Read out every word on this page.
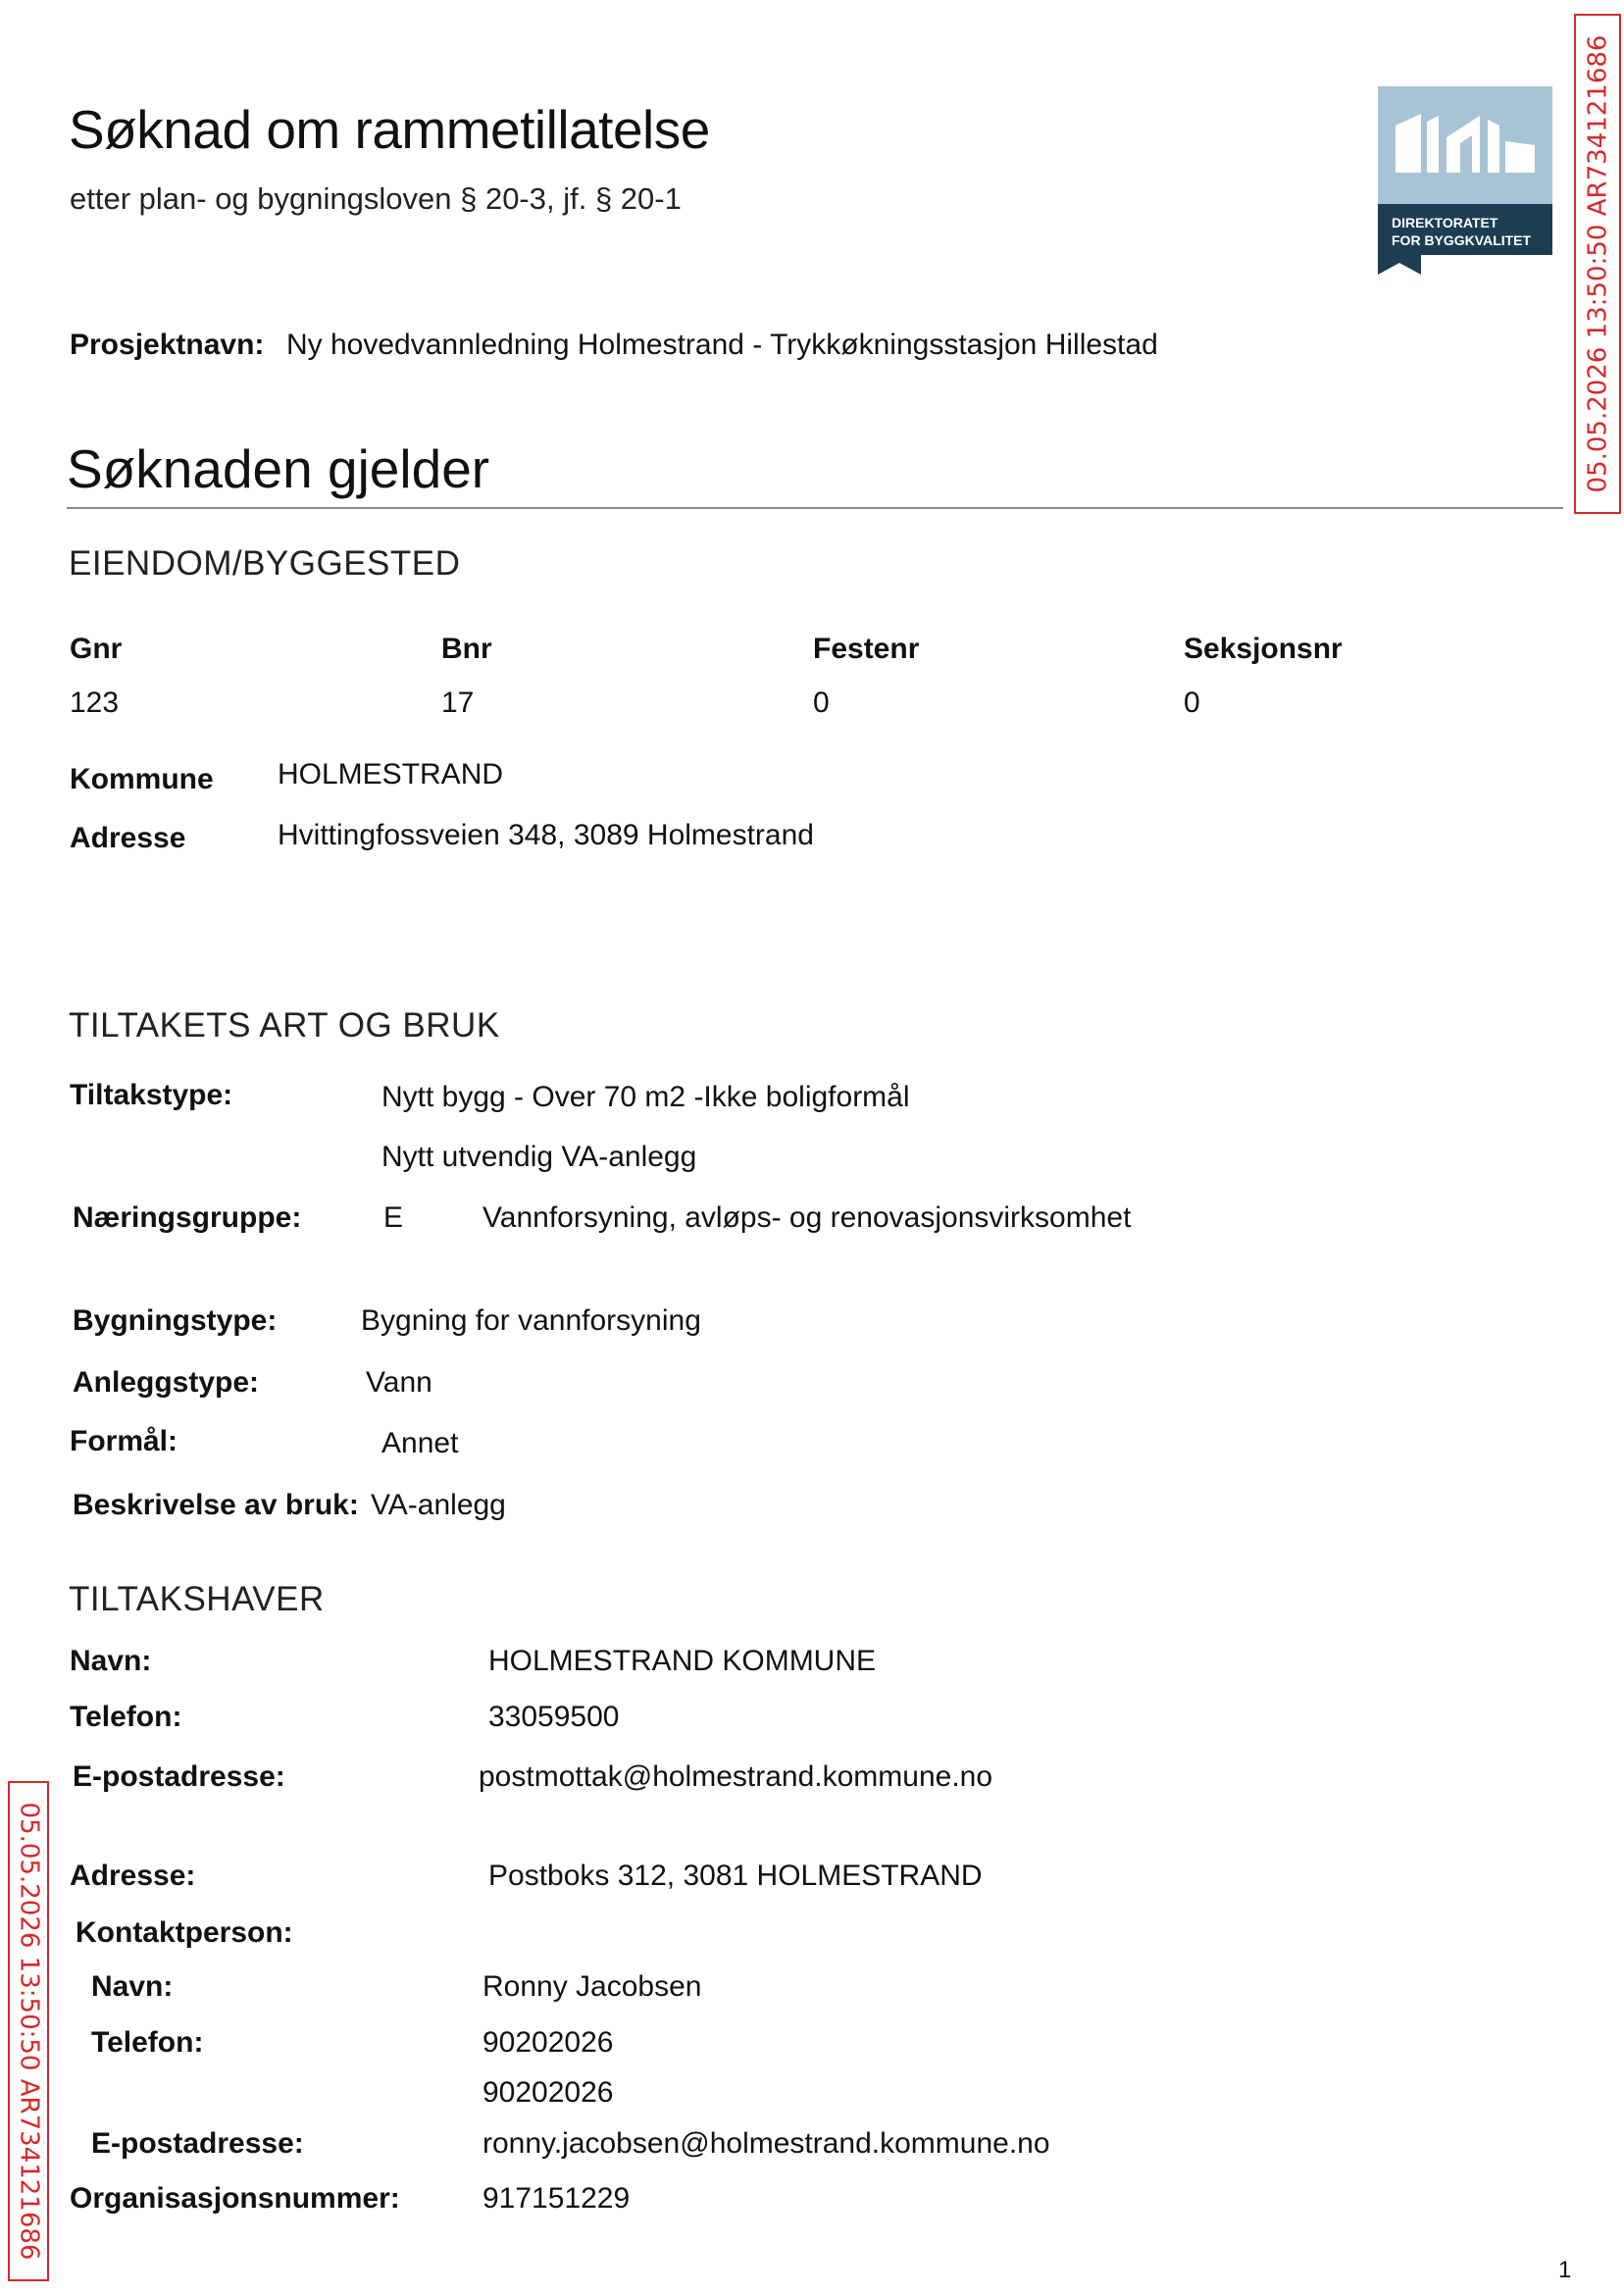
Søknad om rammetillatelse
etter plan- og bygningsloven § 20-3, jf. § 20-1
DIREKTORATET
FOR BYGGKVALITET 05.05.2026 13:50:50 AR734121686
05.05.2026 13:50:50 AR734121686
Prosjektnavn: Ny hovedvannledning Holmestrand - Trykkøkningsstasjon Hillestad
Søknaden gjelder
EIENDOM/BYGGESTED
Gnr	Bnr	Festenr	Seksjonsnr
123	17	0	0
Kommune HOLMESTRAND
Adresse	Hvittingfossveien 348, 3089 Holmestrand
TILTAKETS ART OG BRUK
Tiltakstype:	Nytt bygg - Over 70 m2 -Ikke boligformål
Nytt utvendig VA-anlegg
Næringsgruppe:	E	Vannforsyning, avløps- og renovasjonsvirksomhet
Bygningstype:	Bygning for vannforsyning
Anleggstype:	Vann
Formål:	Annet
Beskrivelse av bruk: VA-anlegg
TILTAKSHAVER
Navn:	HOLMESTRAND KOMMUNE
Telefon:	33059500
E-postadresse:	postmottak@holmestrand.kommune.no
Adresse:	Postboks 312, 3081 HOLMESTRAND
Kontaktperson:
Navn:	Ronny Jacobsen
Telefon:	90202026
90202026
E-postadresse:	ronny.jacobsen@holmestrand.kommune.no
Organisasjonsnummer:	917151229
1
